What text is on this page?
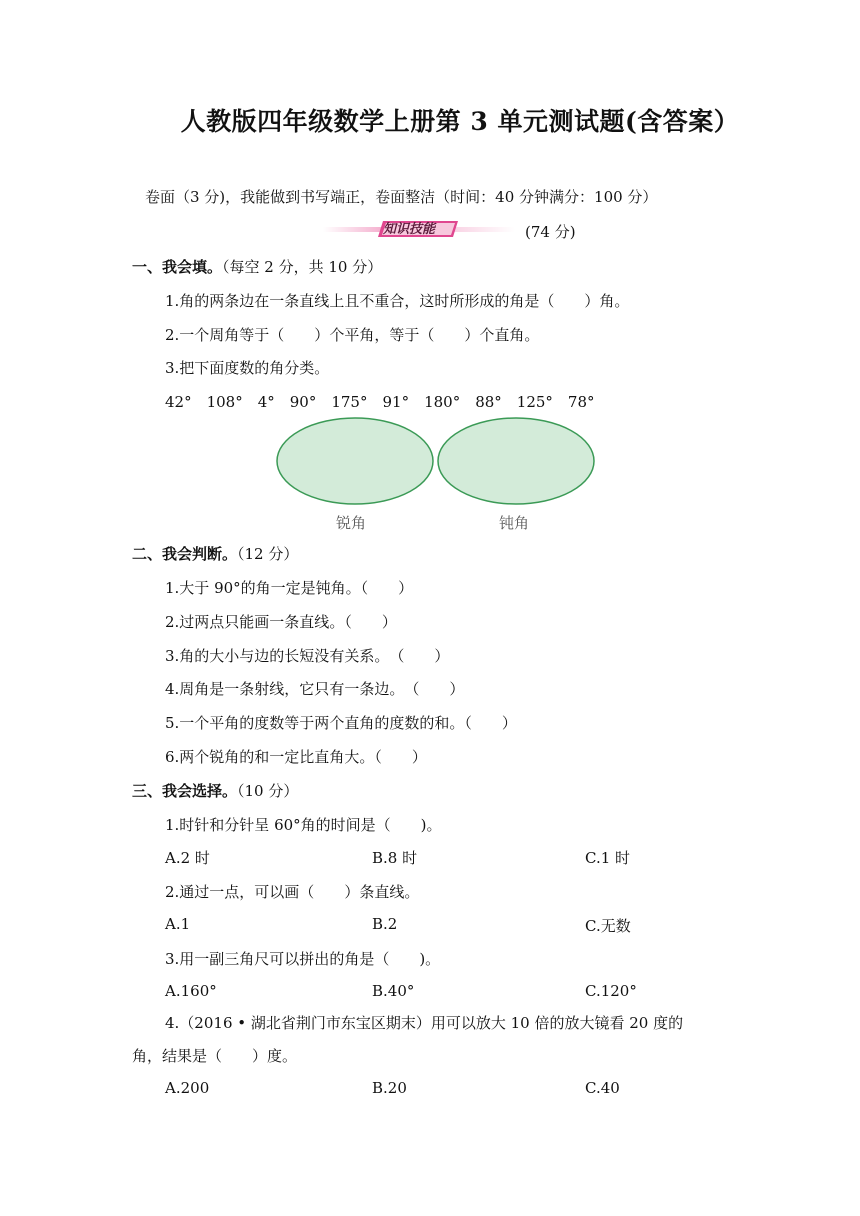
人教版四年级数学上册第 3 单元测试题(含答案）
卷面（3 分)，我能做到书写端正，卷面整洁（时间：40 分钟满分：100 分）
知识技能	(74 分)
一、我会填。（每空 2 分，共 10 分）
1.角的两条边在一条直线上且不重合，这时所形成的角是（　　）角。
2.一个周角等于（　　）个平角，等于（　　）个直角。
3.把下面度数的角分类。
42°　108°　4°　90°　175°　91°　180°　88°　125°　78°
锐角	钝角
二、我会判断。（12 分）
1.大于 90°的角一定是钝角。（　　）
2.过两点只能画一条直线。（　　）
3.角的大小与边的长短没有关系。　（　　）
4.周角是一条射线，它只有一条边。　（　　）
5.一个平角的度数等于两个直角的度数的和。（　　）
6.两个锐角的和一定比直角大。（　　）
三、我会选择。（10 分）
1.时针和分针呈 60°角的时间是（　　)。
A.2 时	B.8 时	C.1 时
2.通过一点，可以画（　　）条直线。
A.1	B.2	C.无数
3.用一副三角尺可以拼出的角是（　　)。
A.160°	B.40°	C.120°
4.（2016 • 湖北省荆门市东宝区期末）用可以放大 10 倍的放大镜看 20 度的
角，结果是（　　）度。
A.200	B.20	C.40
